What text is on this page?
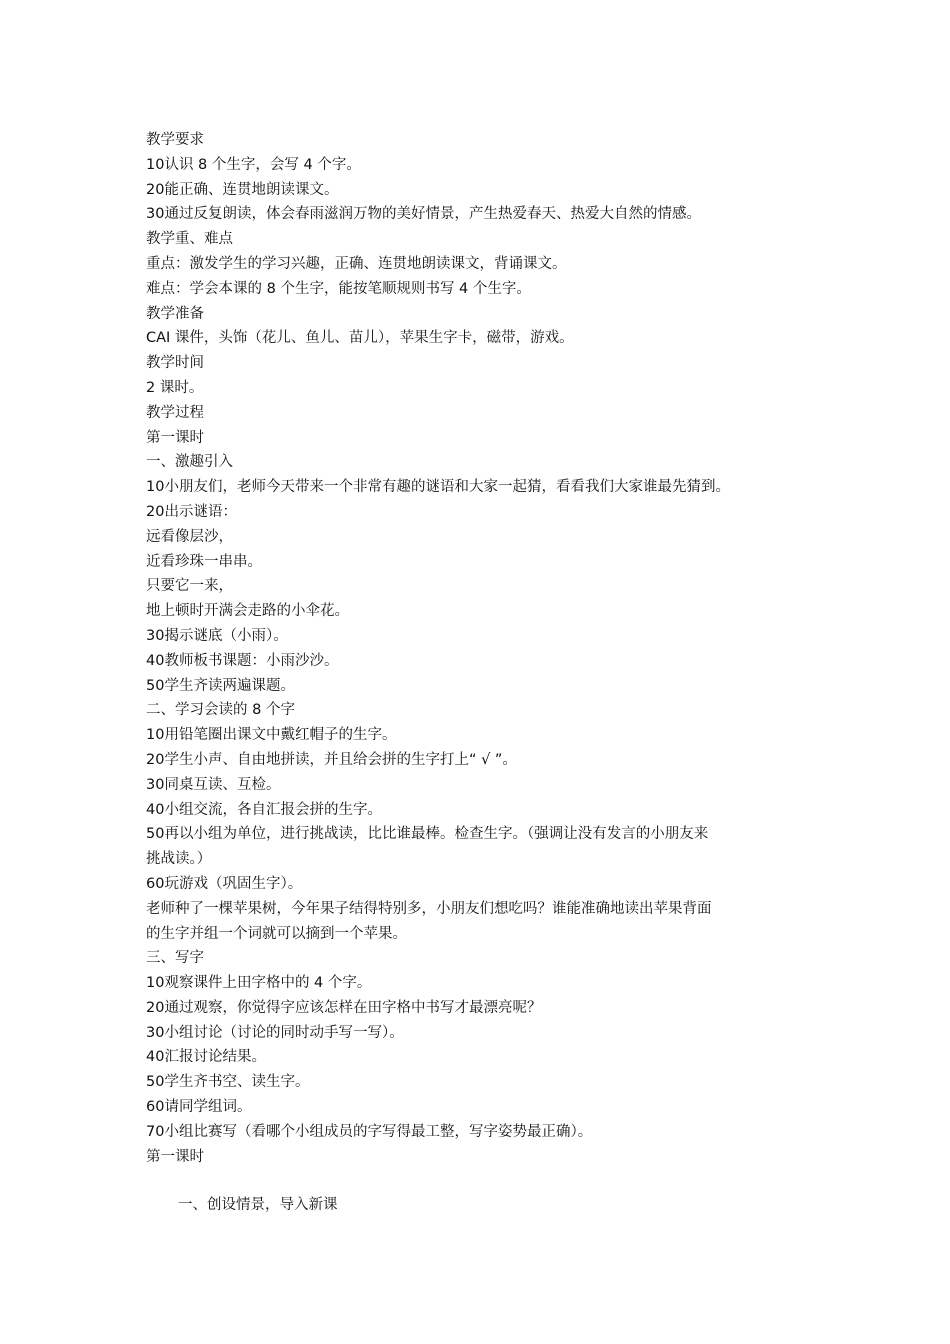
教学要求
10认识 8 个生字，会写 4 个字。
20能正确、连贯地朗读课文。
30通过反复朗读，体会春雨滋润万物的美好情景，产生热爱春天、热爱大自然的情感。
教学重、难点
重点：激发学生的学习兴趣，正确、连贯地朗读课文，背诵课文。
难点：学会本课的 8 个生字，能按笔顺规则书写 4 个生字。
教学准备
CAI 课件，头饰（花儿、鱼儿、苗儿），苹果生字卡，磁带，游戏。
教学时间
2 课时。
教学过程
第一课时
一、激趣引入
10小朋友们，老师今天带来一个非常有趣的谜语和大家一起猜，看看我们大家谁最先猜到。
20出示谜语：
远看像层沙，
近看珍珠一串串。
只要它一来，
地上顿时开满会走路的小伞花。
30揭示谜底（小雨）。
40教师板书课题：小雨沙沙。
50学生齐读两遍课题。
二、学习会读的 8 个字
10用铅笔圈出课文中戴红帽子的生字。
20学生小声、自由地拼读，并且给会拼的生字打上“ √ ”。
30同桌互读、互检。
40小组交流，各自汇报会拼的生字。
50再以小组为单位，进行挑战读，比比谁最棒。检查生字。（强调让没有发言的小朋友来
挑战读。）
60玩游戏（巩固生字）。
老师种了一棵苹果树，今年果子结得特别多，小朋友们想吃吗？谁能准确地读出苹果背面
的生字并组一个词就可以摘到一个苹果。
三、写字
10观察课件上田字格中的 4 个字。
20通过观察，你觉得字应该怎样在田字格中书写才最漂亮呢？
30小组讨论（讨论的同时动手写一写）。
40汇报讨论结果。
50学生齐书空、读生字。
60请同学组词。
70小组比赛写（看哪个小组成员的字写得最工整，写字姿势最正确）。
第一课时
一、创设情景，导入新课
